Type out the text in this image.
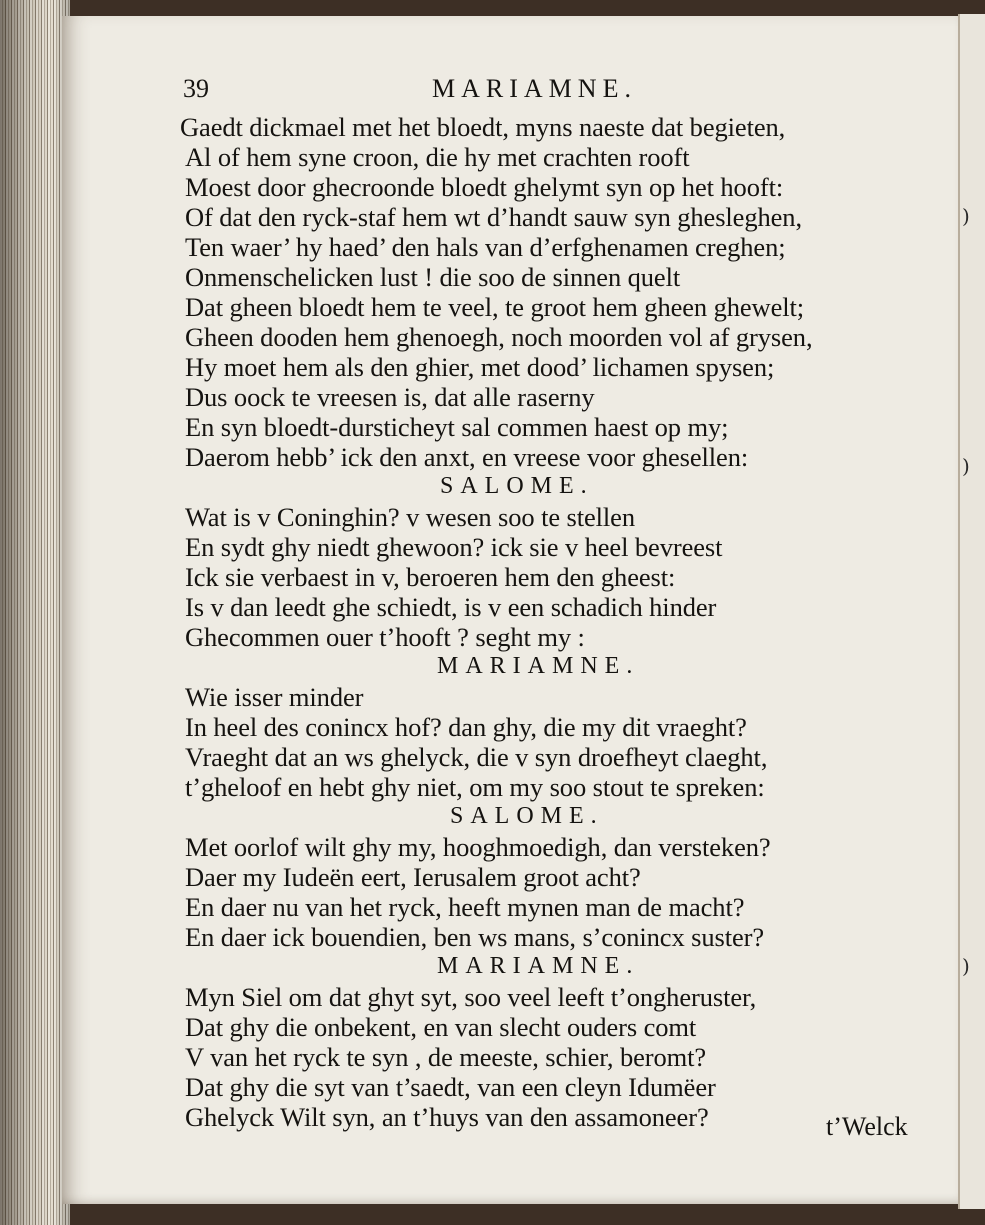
)
)
)
39	MARIAMNE.
Gaedt dickmael met het bloedt, myns naeste dat begieten,
Al of hem syne croon, die hy met crachten rooft
Moest door ghecroonde bloedt ghelymt syn op het hooft:
Of dat den ryck-staf hem wt d’handt sauw syn ghesleghen,
Ten waer’ hy haed’ den hals van d’erfghenamen creghen;
Onmenschelicken lust ! die soo de sinnen quelt
Dat gheen bloedt hem te veel, te groot hem gheen ghewelt;
Gheen dooden hem ghenoegh, noch moorden vol af grysen,
Hy moet hem als den ghier, met dood’ lichamen spysen;
Dus oock te vreesen is, dat alle raserny
En syn bloedt-dursticheyt sal commen haest op my;
Daerom hebb’ ick den anxt, en vreese voor ghesellen:
SALOME.
Wat is v Coninghin? v wesen soo te stellen
En sydt ghy niedt ghewoon? ick sie v heel bevreest
Ick sie verbaest in v, beroeren hem den gheest:
Is v dan leedt ghe schiedt, is v een schadich hinder
Ghecommen ouer t’hooft ? seght my :
MARIAMNE.
Wie isser minder
In heel des conincx hof? dan ghy, die my dit vraeght?
Vraeght dat an ws ghelyck, die v syn droefheyt claeght,
t’gheloof en hebt ghy niet, om my soo stout te spreken:
SALOME.
Met oorlof wilt ghy my, hooghmoedigh, dan versteken?
Daer my Iudeën eert, Ierusalem groot acht?
En daer nu van het ryck, heeft mynen man de macht?
En daer ick bouendien, ben ws mans, s’conincx suster?
MARIAMNE.
Myn Siel om dat ghyt syt, soo veel leeft t’ongheruster,
Dat ghy die onbekent, en van slecht ouders comt
V van het ryck te syn , de meeste, schier, beromt?
Dat ghy die syt van t’saedt, van een cleyn Idumëer
Ghelyck Wilt syn, an t’huys van den assamoneer?	t’Welck
